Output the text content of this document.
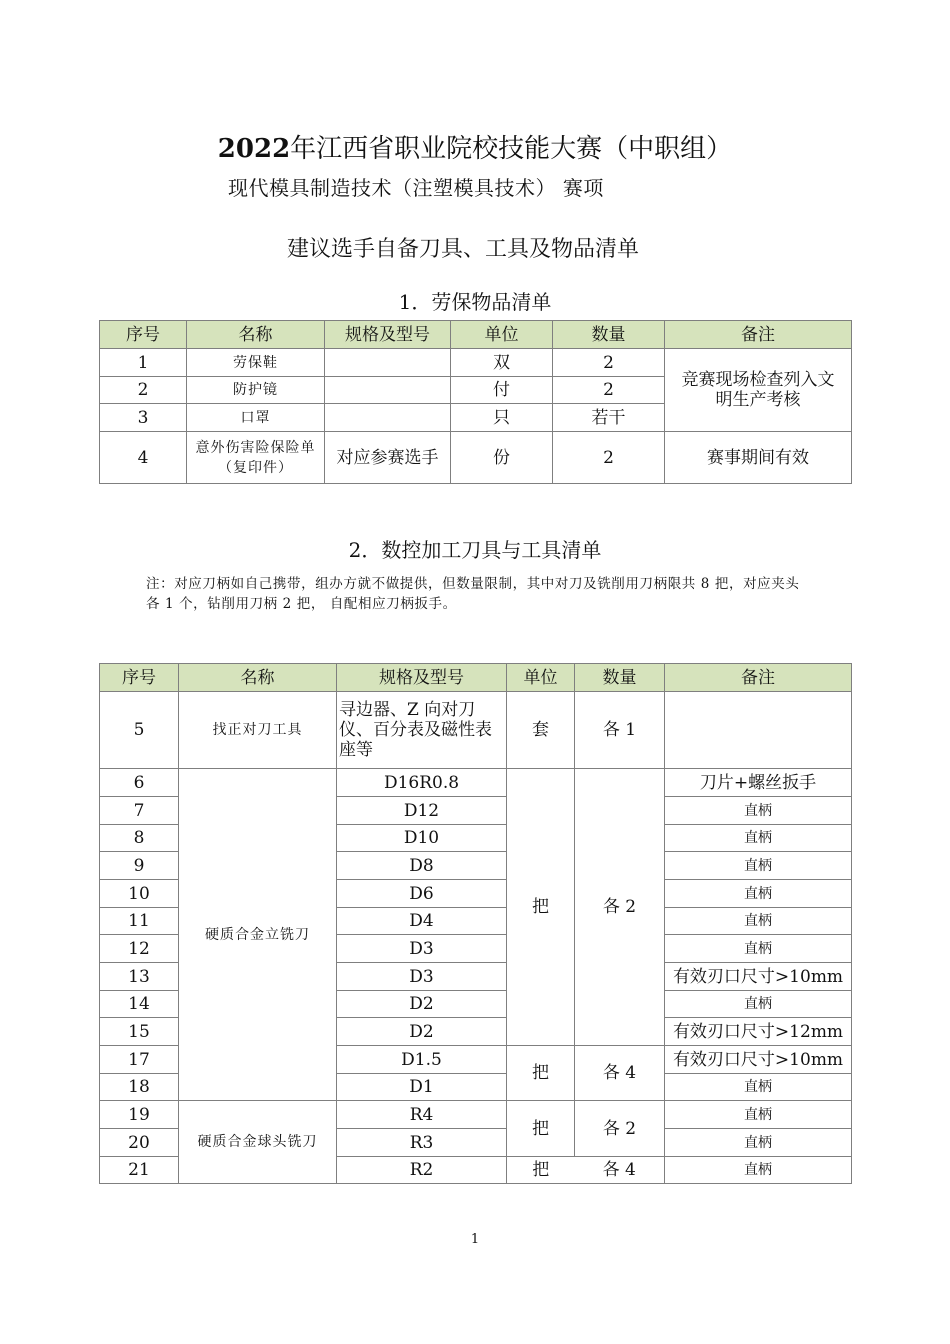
2022年江西省职业院校技能大赛（中职组）
现代模具制造技术（注塑模具技术） 赛项
建议选手自备刀具、工具及物品清单
1．劳保物品清单
序号	名称	规格及型号	单位	数量	备注
1	劳保鞋		双	2	竞赛现场检查列入文明生产考核
2	防护镜		付	2	
3	口罩		只	若干	
4	意外伤害险保险单（复印件）	对应参赛选手	份	2	赛事期间有效
2．数控加工刀具与工具清单
注：对应刀柄如自己携带，组办方就不做提供，但数量限制，其中对刀及铣削用刀柄限共 8 把，对应夹头各 1 个，钻削用刀柄 2 把， 自配相应刀柄扳手。
序号	名称	规格及型号	单位	数量	备注
5	找正对刀工具	寻边器、Z 向对刀仪、百分表及磁性表座等	套	各 1	
6	硬质合金立铣刀	D16R0.8	把	各 2	刀片+螺丝扳手
7		D12			直柄
8		D10			直柄
9		D8			直柄
10		D6			直柄
11		D4			直柄
12		D3			直柄
13		D3			有效刃口尺寸>10mm
14		D2			直柄
15		D2			有效刃口尺寸>12mm
17		D1.5	把	各 4	有效刃口尺寸>10mm
18		D1			直柄
19	硬质合金球头铣刀	R4	把	各 2	直柄
20		R3			直柄
21		R2	把	各 4	直柄
1
